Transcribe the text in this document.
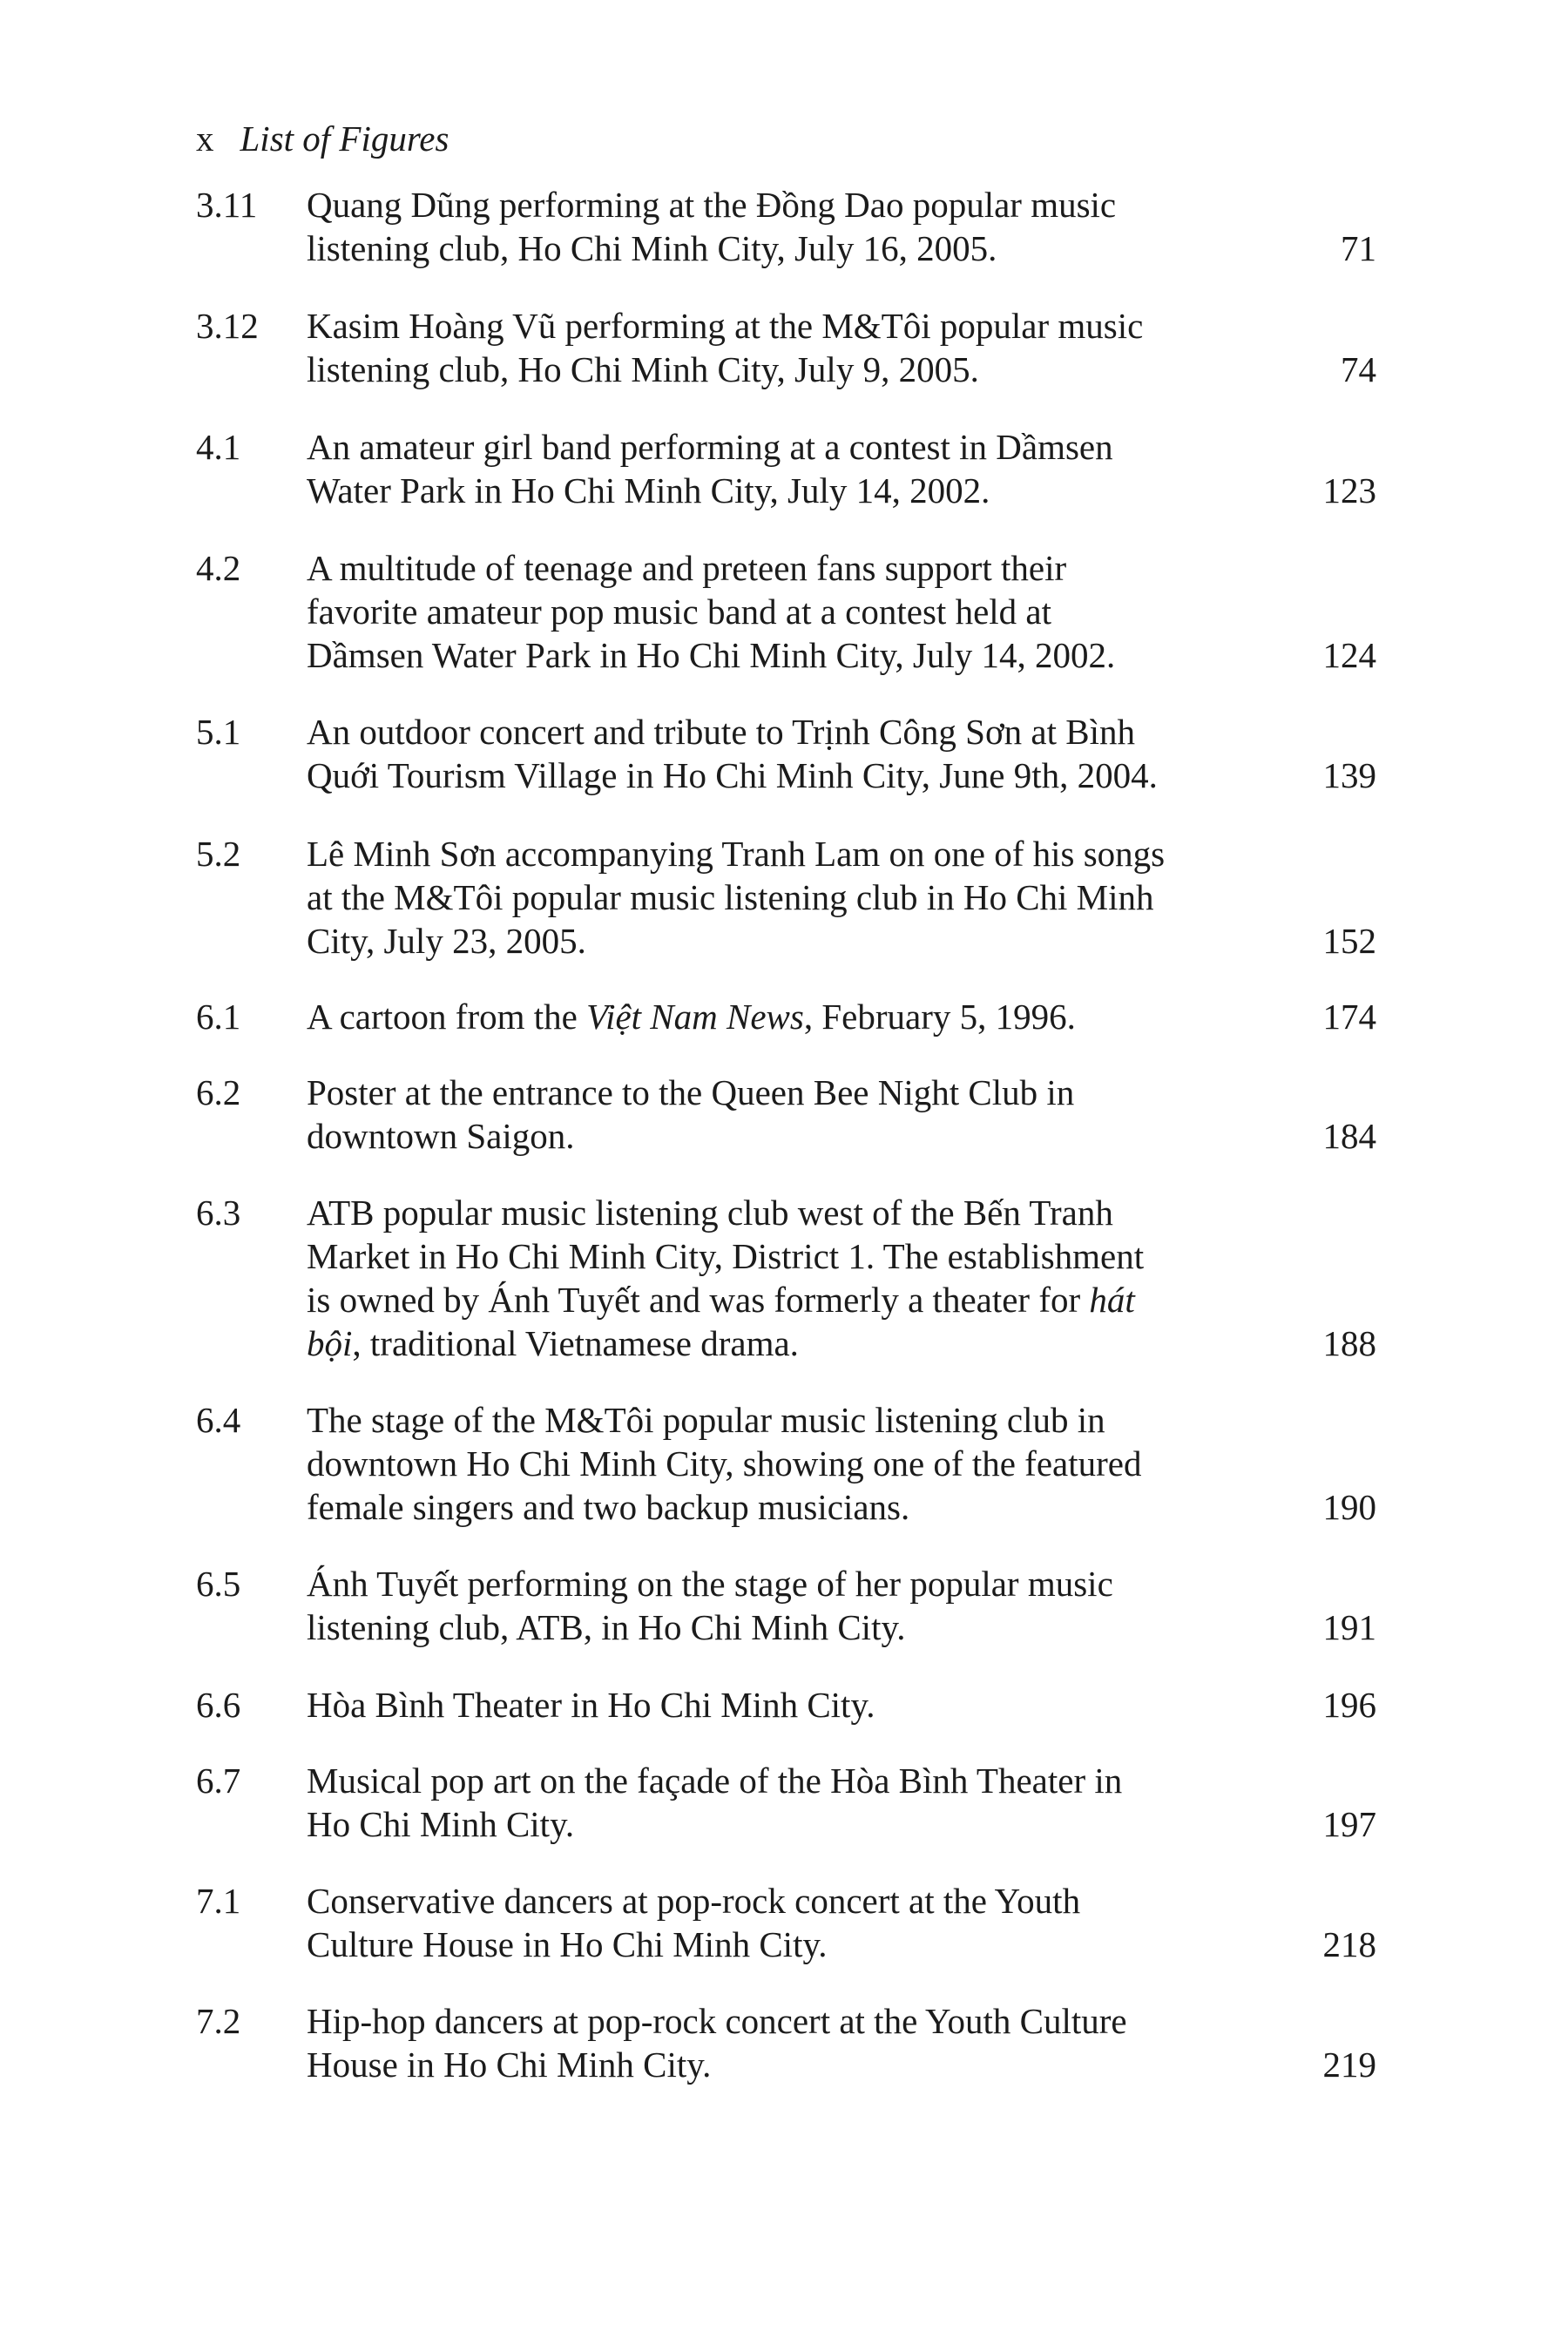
x List of Figures
3.11 Quang Dũng performing at the Đồng Dao popular music
listening club, Ho Chi Minh City, July 16, 2005.	71
3.12 Kasim Hoàng Vũ performing at the M&Tôi popular music
listening club, Ho Chi Minh City, July 9, 2005.	74
4.1 An amateur girl band performing at a contest in Dầmsen
Water Park in Ho Chi Minh City, July 14, 2002.	123
4.2 A multitude of teenage and preteen fans support their
favorite amateur pop music band at a contest held at
Dầmsen Water Park in Ho Chi Minh City, July 14, 2002.	124
5.1 An outdoor concert and tribute to Trịnh Công Sơn at Bình
Quới Tourism Village in Ho Chi Minh City, June 9th, 2004.	139
5.2 Lê Minh Sơn accompanying Tranh Lam on one of his songs
at the M&Tôi popular music listening club in Ho Chi Minh
City, July 23, 2005.	152
6.1 A cartoon from the Việt Nam News, February 5, 1996.	174
6.2 Poster at the entrance to the Queen Bee Night Club in
downtown Saigon.	184
6.3 ATB popular music listening club west of the Bến Tranh
Market in Ho Chi Minh City, District 1. The establishment
is owned by Ánh Tuyết and was formerly a theater for hát
bội, traditional Vietnamese drama.	188
6.4 The stage of the M&Tôi popular music listening club in
downtown Ho Chi Minh City, showing one of the featured
female singers and two backup musicians.	190
6.5 Ánh Tuyết performing on the stage of her popular music
listening club, ATB, in Ho Chi Minh City.	191
6.6 Hòa Bình Theater in Ho Chi Minh City.	196
6.7 Musical pop art on the façade of the Hòa Bình Theater in
Ho Chi Minh City.	197
7.1 Conservative dancers at pop-rock concert at the Youth
Culture House in Ho Chi Minh City.	218
7.2 Hip-hop dancers at pop-rock concert at the Youth Culture
House in Ho Chi Minh City.	219
